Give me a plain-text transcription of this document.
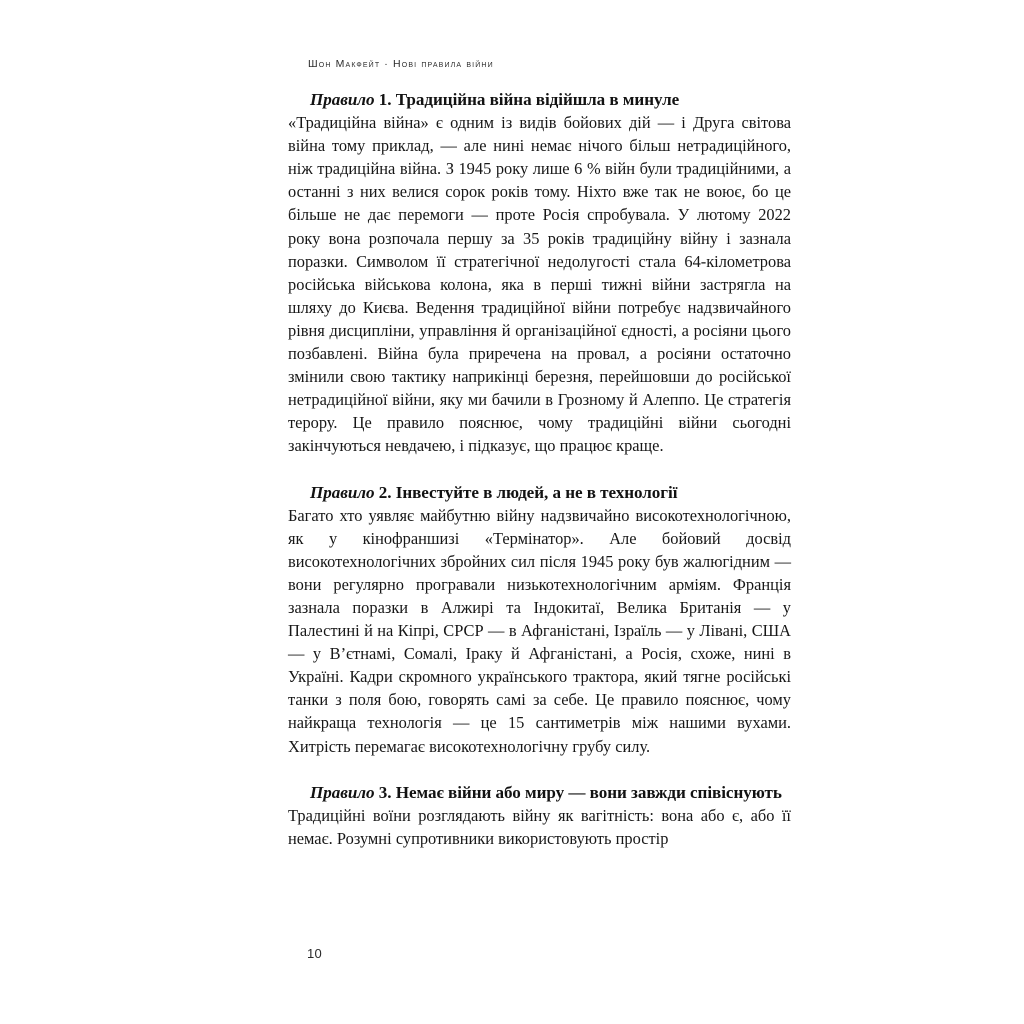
Шон Макфейт · Нові правила війни

Правило 1. Традиційна війна відійшла в минуле

«Традиційна війна» є одним із видів бойових дій — і Друга світова війна тому приклад, — але нині немає нічого більш нетрадиційного, ніж традиційна війна. З 1945 року лише 6 % війн були традиційними, а останні з них велися сорок років тому. Ніхто вже так не воює, бо це більше не дає перемоги — проте Росія спробувала. У лютому 2022 року вона розпочала першу за 35 років традиційну війну і зазнала поразки. Символом її стратегічної недолугості стала 64-кілометрова російська військова колона, яка в перші тижні війни застрягла на шляху до Києва. Ведення традиційної війни потребує надзвичайного рівня дисципліни, управління й організаційної єдності, а росіяни цього позбавлені. Війна була приречена на провал, а росіяни остаточно змінили свою тактику наприкінці березня, перейшовши до російської нетрадиційної війни, яку ми бачили в Грозному й Алеппо. Це стратегія терору. Це правило пояснює, чому традиційні війни сьогодні закінчуються невдачею, і підказує, що працює краще.

Правило 2. Інвестуйте в людей, а не в технології

Багато хто уявляє майбутню війну надзвичайно високотехнологічною, як у кінофраншизі «Термінатор». Але бойовий досвід високотехнологічних збройних сил після 1945 року був жалюгідним — вони регулярно програвали низькотехнологічним арміям. Франція зазнала поразки в Алжирі та Індокитаї, Велика Британія — у Палестині й на Кіпрі, СРСР — в Афганістані, Ізраїль — у Лівані, США — у В’єтнамі, Сомалі, Іраку й Афганістані, а Росія, схоже, нині в Україні. Кадри скромного українського трактора, який тягне російські танки з поля бою, говорять самі за себе. Це правило пояснює, чому найкраща технологія — це 15 сантиметрів між нашими вухами. Хитрість перемагає високотехнологічну грубу силу.

Правило 3. Немає війни або миру — вони завжди співіснують

Традиційні воїни розглядають війну як вагітність: вона або є, або її немає. Розумні супротивники використовують простір

10
